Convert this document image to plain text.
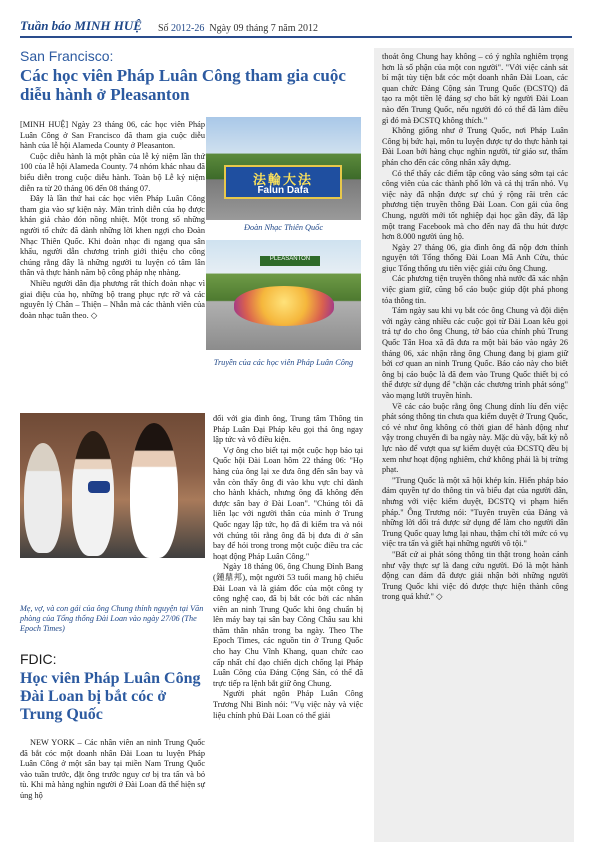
Tuần báo MINH HUỆ Số 2012-26 Ngày 09 tháng 7 năm 2012
San Francisco:
Các học viên Pháp Luân Công tham gia cuộc diễu hành ở Pleasanton

[MINH HUỆ] Ngày 23 tháng 06, các học viên Pháp Luân Công ở San Francisco đã tham gia cuộc diễu hành của lễ hội Alameda County ở Pleasanton.

Cuộc diễu hành là một phần của lễ kỷ niệm lần thứ 100 của lễ hội Alameda County. 74 nhóm khác nhau đã biểu diễn trong cuộc diễu hành. Toàn bộ Lễ kỷ niệm diễn ra từ 20 tháng 06 đến 08 tháng 07.

Đây là lần thứ hai các học viên Pháp Luân Công tham gia vào sự kiện này. Màn trình diễn của họ được khán giả chào đón nồng nhiệt. Một trong số những người tổ chức đã dành những lời khen ngợi cho Đoàn Nhạc Thiên Quốc. Khi đoàn nhạc đi ngang qua sân khấu, người dẫn chương trình giới thiệu cho công chúng rằng đây là những người tu luyện có tâm lân thân và thực hành năm bộ công pháp nhẹ nhàng.

Nhiều người dân địa phương rất thích đoàn nhạc vì giai điệu của họ, những bộ trang phục rực rỡ và các nguyên lý Chân – Thiện – Nhẫn mà các thành viên của đoàn nhạc tuân theo. ◇

法輪大法
Falun Dafa
Đoàn Nhạc Thiên Quốc
PLEASANTON
Truyền của các học viên Pháp Luân Công

thoát ông Chung hay không – có ý nghĩa nghiêm trọng hơn là số phận của một con người". "Với việc cảnh sát bí mật tùy tiện bắt cóc một doanh nhân Đài Loan, các quan chức Đảng Cộng sản Trung Quốc (ĐCSTQ) đã tạo ra một tiền lệ đáng sợ cho bất kỳ người Đài Loan nào đến Trung Quốc, nếu người đó có thể đã làm điều gì đó mà ĐCSTQ không thích."

Không giống như ở Trung Quốc, nơi Pháp Luân Công bị bức hại, môn tu luyện được tự do thực hành tại Đài Loan bởi hàng chục nghìn người, từ giáo sư, thẩm phán cho đến các công nhân xây dựng.

Có thể thấy các điểm tập công vào sáng sớm tại các công viên của các thành phố lớn và cả thị trấn nhỏ. Vụ việc này đã nhận được sự chú ý rộng rãi trên các phương tiện truyền thông Đài Loan. Con gái của ông Chung, người mới tốt nghiệp đại học gần đây, đã lập một trang Facebook mà cho đến nay đã thu hút được hơn 8.000 người ủng hộ.

Ngày 27 tháng 06, gia đình ông đã nộp đơn thỉnh nguyện tới Tổng thống Đài Loan Mã Anh Cửu, thúc giục Tổng thống ưu tiên việc giải cứu ông Chung.

Các phương tiện truyền thông nhà nước đã xác nhận việc giam giữ, cũng bổ cáo buộc giúp đột phá phong tỏa thông tin.

Tám ngày sau khi vụ bắt cóc ông Chung và đội diện với ngày càng nhiều các cuộc gọi từ Đài Loan kêu gọi trả tự do cho ông Chung, tờ báo của chính phủ Trung Quốc Tân Hoa xã đã đưa ra một bài báo vào ngày 26 tháng 06, xác nhận rằng ông Chung đang bị giam giữ bởi cơ quan an ninh Trung Quốc. Báo cáo này cho biết ông bị cáo buộc là đã đem vào Trung Quốc thiết bị có thể được sử dụng để "chặn các chương trình phát sóng" vào mạng lưới truyền hình.

Về các cáo buộc rằng ông Chung dính líu đến việc phát sóng thông tin chưa qua kiểm duyệt ở Trung Quốc, có vẻ như ông không có thời gian để hành động như vậy trong chuyến đi ba ngày này. Mặc dù vậy, bất kỳ nỗ lực nào để vượt qua sự kiểm duyệt của ĐCSTQ đều bị xem như hoạt động nghiêm, chứ không phải là bị trừng phạt.

"Trung Quốc là một xã hội khép kín. Hiến pháp bảo đảm quyền tự do thông tin và biểu đạt của người dân, nhưng với việc kiểm duyệt, ĐCSTQ vi phạm hiến pháp." Ông Trương nói: "Tuyên truyền của Đảng và những lời dối trá được sử dụng để làm cho người dân Trung Quốc quay lưng lại nhau, thậm chí tới mức có vụ việc tra tấn và giết hại những người vô tội."

"Bất cứ ai phát sóng thông tin thật trong hoàn cảnh như vậy thực sự là đang cứu người. Đó là một hành động can đảm đã được giải nhận bởi những người Trung Quốc khi việc đó được thực hiện thành công trong quá khứ." ◇

Mẹ, vợ, và con gái của ông Chung thỉnh nguyện tại Văn phòng của Tổng thống Đài Loan vào ngày 27/06 (The Epoch Times)
FDIC:
Học viên Pháp Luân Công Đài Loan bị bắt cóc ở Trung Quốc

NEW YORK – Các nhân viên an ninh Trung Quốc đã bắt cóc một doanh nhân Đài Loan tu luyện Pháp Luân Công ở một sân bay tại miền Nam Trung Quốc vào tuần trước, đặt ông trước nguy cơ bị tra tấn và bỏ tù. Khi mà hàng nghìn người ở Đài Loan đã thể hiện sự ủng hộ

đối với gia đình ông, Trung tâm Thông tin Pháp Luân Đại Pháp kêu gọi thả ông ngay lập tức và vô điều kiện.

Vợ ông cho biết tại một cuộc họp báo tại Quốc hội Đài Loan hôm 22 tháng 06: "Họ hàng của ông lại xe đưa ông đến sân bay và vẫn còn thấy ông đi vào khu vực chỉ dành cho hành khách, nhưng ông đã không đến được sân bay ở Đài Loan". "Chúng tôi đã liên lạc với người thân của mình ở Trung Quốc ngay lập tức, họ đã đi kiểm tra và nói với chúng tôi rằng ông đã bị đưa đi ở sân bay để hỏi trong trong một cuộc điều tra các hoạt động Pháp Luân Công."

Ngày 18 tháng 06, ông Chung Đình Bang (鍾鼎邦), một người 53 tuổi mang hộ chiếu Đài Loan và là giám đốc của một công ty công nghệ cao, đã bị bắt cóc bởi các nhân viên an ninh Trung Quốc khi ông chuẩn bị lên máy bay tại sân bay Công Châu sau khi thăm thân nhân trong ba ngày. Theo The Epoch Times, các nguồn tin ở Trung Quốc cho hay Chu Vĩnh Khang, quan chức cao cấp nhất chỉ đạo chiến dịch chống lại Pháp Luân Công của Đảng Cộng Sản, có thể đã trực tiếp ra lệnh bắt giữ ông Chung.

Người phát ngôn Pháp Luân Công Trương Nhi Bình nói: "Vụ việc này và việc liệu chính phủ Đài Loan có thể giải
